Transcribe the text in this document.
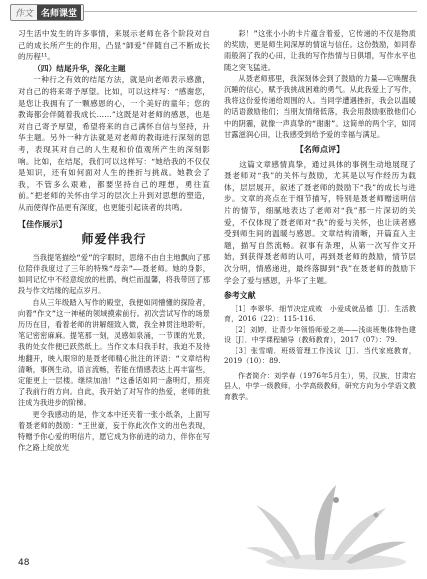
作文 名师课堂

习生活中发生的许多事情，来展示老师在各个阶段对自己的成长所产生的作用，凸显“師爱”伴随自己不断成长的历程¹¹。

（四）结尾升华，深化主题

一种行之有效的结尾方法，就是向老师表示感激，对自己的将来寄予厚望。比如，可以这样写：“感谢您，是您让我拥有了一颗感恩的心，一个美好的童年；您的教诲都会伴随着我成长……”这既是对老师的感恩，也是对自己寄予厚望，希望将来的自己满怀自信与坚持，升华主题。另外一种方法就是对老师的教诲进行深刻的思考，表现其对自己的人生观和价值观所产生的深刻影响。比如，在结尾，我们可以这样写：“她给我的不仅仅是知识，还有如何面对人生的挫折与挑战。她教会了我，不管多么艰难，都要坚持自己的理想，勇往直前。”把老师的关怀由学习的层次上升到对思想的塑造，从而使得作品更有深度，也更能引起读者的共鸣。

【佳作展示】
师爱伴我行

当我提笔描绘“爱”的字眼时，思绪不由自主地飘向了那位陪伴我度过了三年的特殊“母亲”——聂老师。她的身影，如同记忆中不经意绽放的杜鹃，绚烂而温馨，将我带回了那段与作文结缘的起点岁月。

自从三年级踏入写作的殿堂，我便如同懵懂的探险者，向着“作文”这一神秘的领域摸索前行。初次尝试写作的场景历历在目，看着老师的讲解细致入微，我全神贯注地聆听，笔记密密麻麻。提笔那一刻，灵感如泉涌，一节课的光景，我的处女作便已跃然纸上。当作文本归我手时，我迫不及待地翻开，映入眼帘的是聂老师精心批注的评语：“文章结构清晰，事例生动，语言流畅，若能在情感表达上再丰富些，定能更上一层楼。继续加油！”这番话如同一盏明灯，照亮了我前行的方向。自此，我开始了对写作的热爱，老师的批注成为我进步的阶梯。

更令我感动的是，作文本中还夹着一张小纸条，上面写着聂老师的鼓励：“王世豪，妄于你此次作文的出色表现，特赠予你心爱的明信片，愿它成为你前进的动力，伴你在写作之路上绽放光

彩！”这张小小的卡片蕴含着爱，它传递的不仅是物质的奖励，更是师生间深厚的情谊与信任。这份鼓励，如同春雨般润了我的心田，让我的写作热情与日俱增，写作水平也随之突飞猛进。

从聂老师那里，我深刻体会到了鼓励的力量——它唤醒我沉睡的信心，赋予我挑战困难的勇气。从此我爱上了写作，我将这份爱传递给周围的人。当同学遭遇挫折，我会以温暖的话语激励他们；当朋友情绪低落，我会用鼓励驱散他们心中的阴霾，就像一声真挚的“谢谢”。这简单的两个字，如同甘露滋润心田，让我感受到给予爱的幸福与满足。

【名师点评】

这篇文章感情真挚，通过具体的事例生动地展现了聂老师对“我”的关怀与鼓励，尤其是以写作经历为载体，层层展开，叙述了聂老师的鼓励下“我”的成长与进步。文章的亮点在于细节描写，特别是聂老师赠送明信片的情节，细腻地表达了老师对“我”那一片深切的关爱，不仅体现了聂老师对“我”的爱与关怀，也让读者感受到师生间的温暖与感恩。文章结构清晰，开篇直入主题，描写自然流畅。叙事有条理，从第一次写作文开始，到获得聂老师的认可，再到聂老师的鼓励，情节层次分明，情感递进，最终落脚到“我”在聂老师的鼓励下学会了爱与感恩，升华了主题。

参考文献

［1］李翠华．细节决定成败　小爱成就品德［J］．生活教育，2016（22）：115-116.

［2］刘婷．让青少年领悟师爱之美——浅谈班集体特色建设［J］．中学课程辅导（教师教育），2017（07）：79.

［3］张雪晴．班级管理工作浅议［J］．当代家庭教育，2019（10）：89.

作者简介：刘学春（1976年5月生），男，汉族，甘肃宕县人，中学一级教师，小学高级教师，研究方向为小学语文教育教学。

48
